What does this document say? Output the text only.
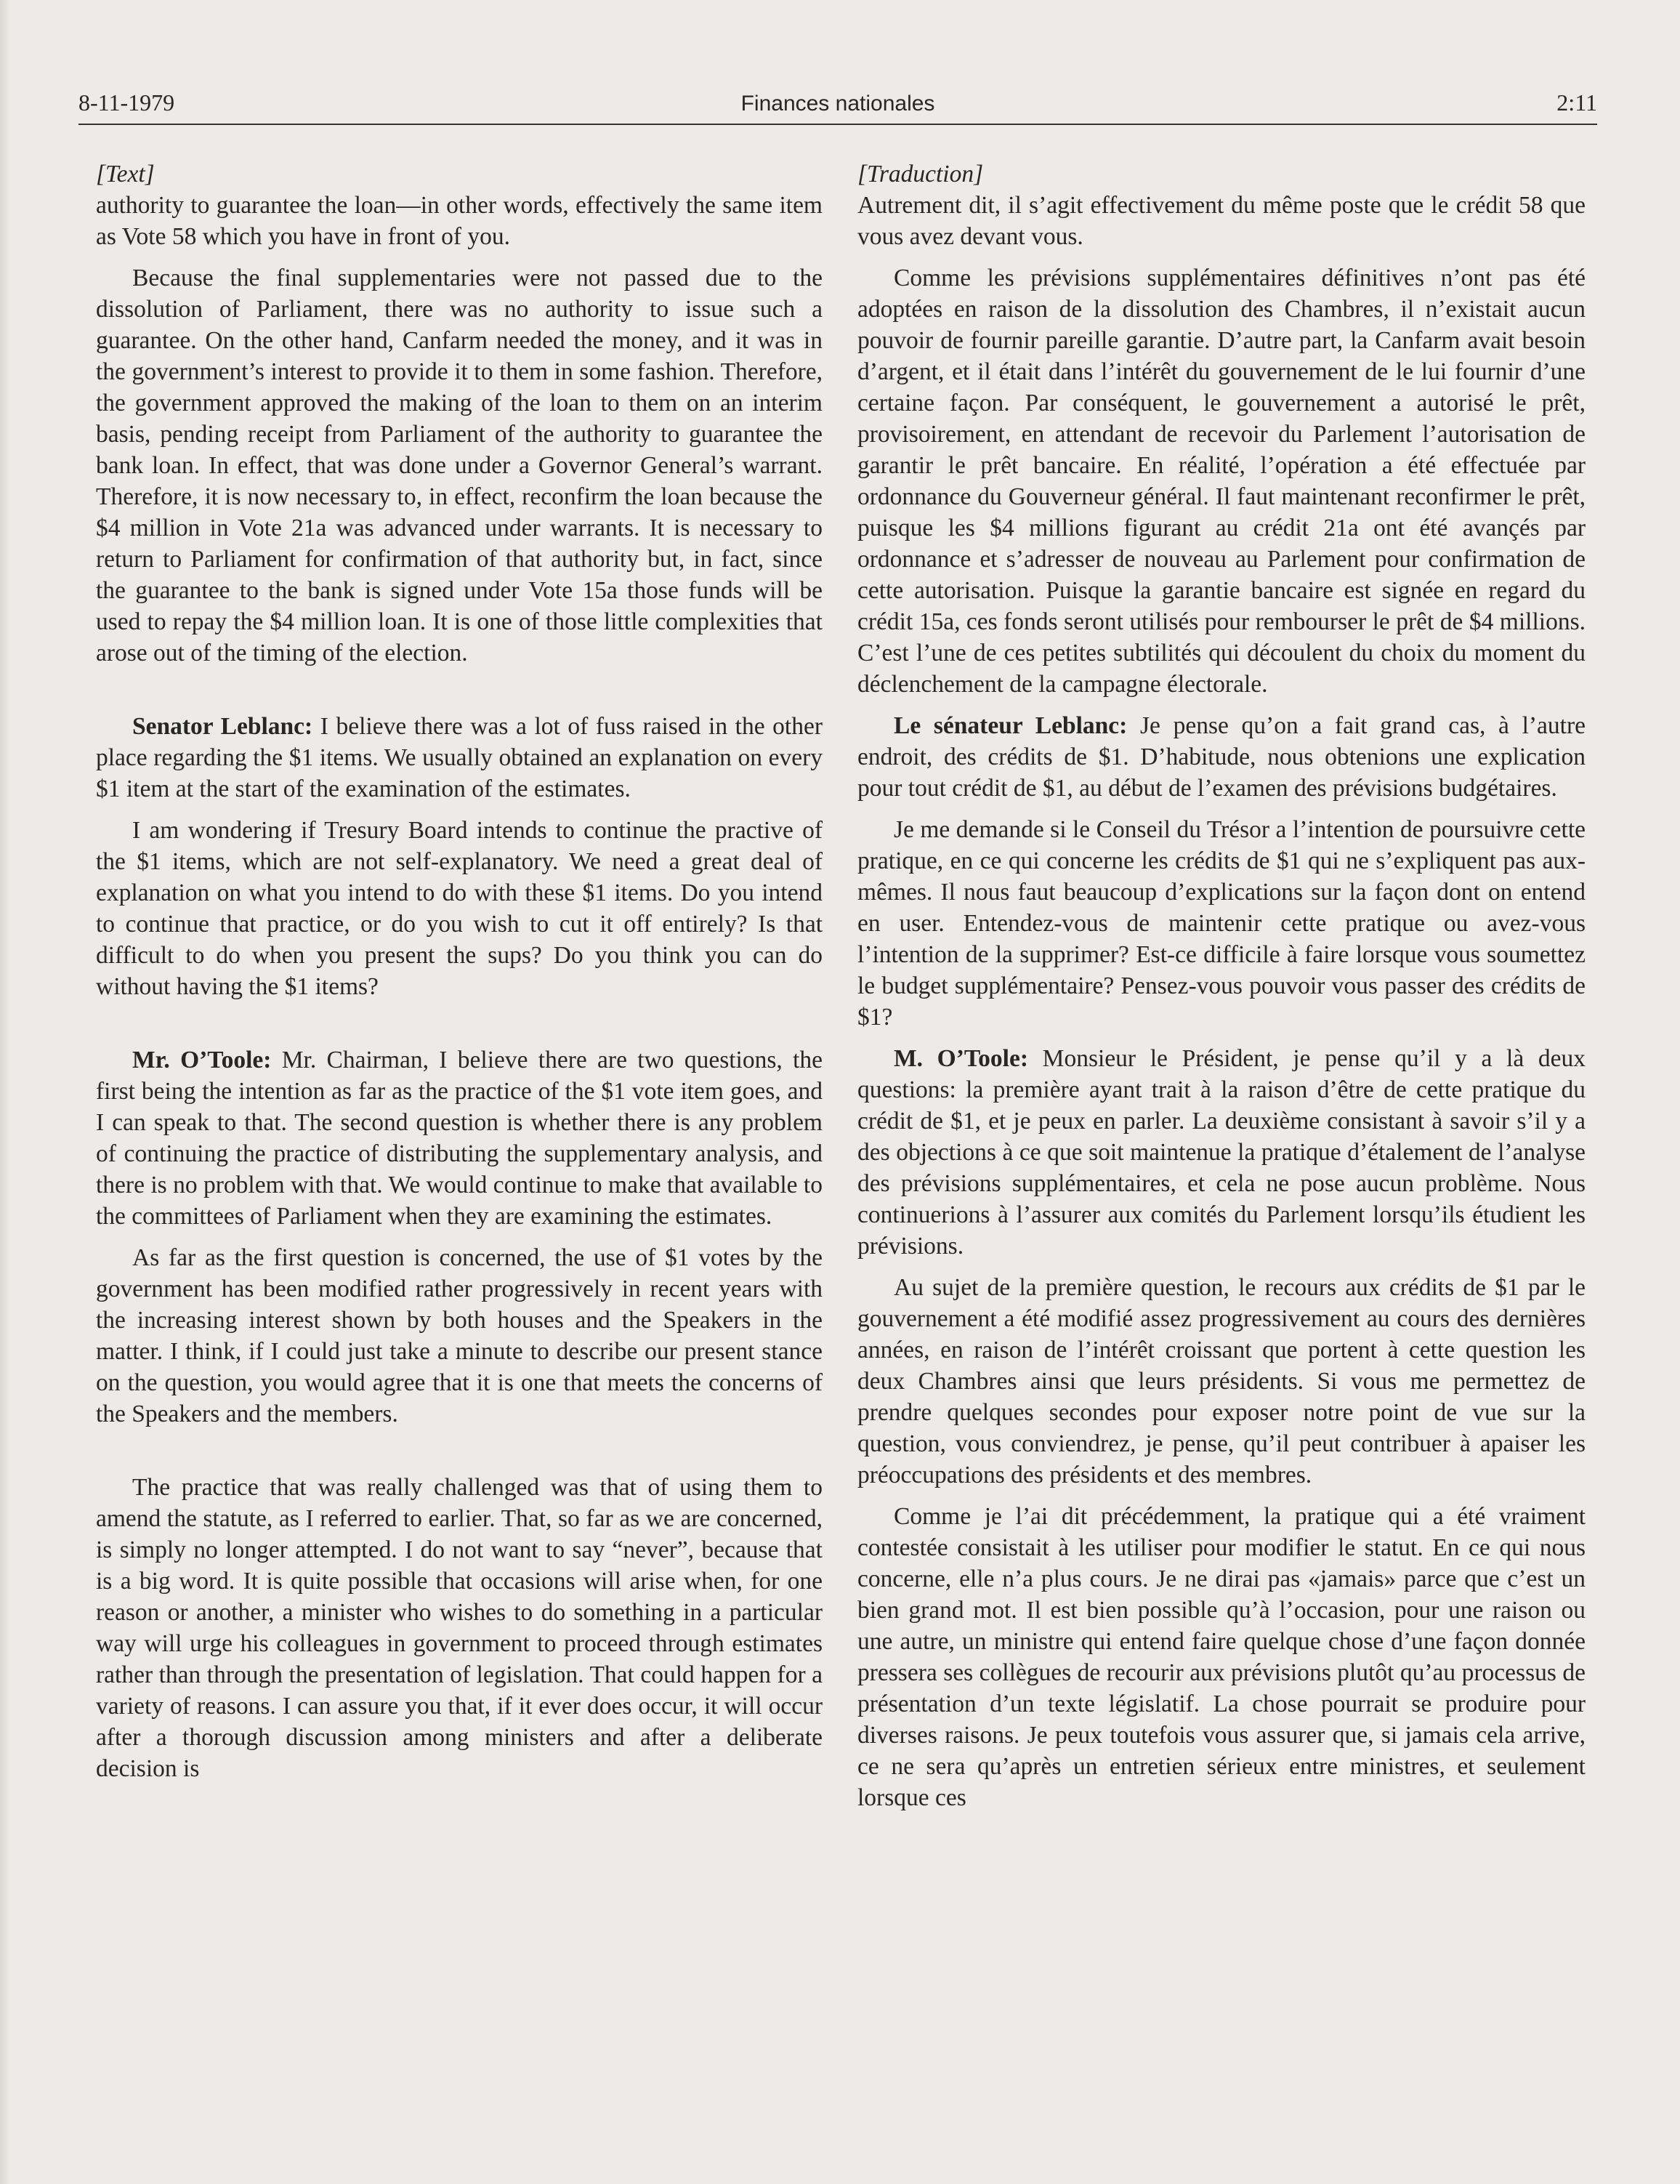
8-11-1979	Finances nationales	2:11
[Text]

authority to guarantee the loan—in other words, effectively the same item as Vote 58 which you have in front of you.

Because the final supplementaries were not passed due to the dissolution of Parliament, there was no authority to issue such a guarantee. On the other hand, Canfarm needed the money, and it was in the government’s interest to provide it to them in some fashion. Therefore, the government approved the making of the loan to them on an interim basis, pending receipt from Parliament of the authority to guarantee the bank loan. In effect, that was done under a Governor General’s warrant. Therefore, it is now necessary to, in effect, reconfirm the loan because the $4 million in Vote 21a was advanced under warrants. It is necessary to return to Parliament for confirmation of that authority but, in fact, since the guarantee to the bank is signed under Vote 15a those funds will be used to repay the $4 million loan. It is one of those little complexities that arose out of the timing of the election.

Senator Leblanc: I believe there was a lot of fuss raised in the other place regarding the $1 items. We usually obtained an explanation on every $1 item at the start of the examination of the estimates.

I am wondering if Tresury Board intends to continue the practive of the $1 items, which are not self-explanatory. We need a great deal of explanation on what you intend to do with these $1 items. Do you intend to continue that practice, or do you wish to cut it off entirely? Is that difficult to do when you present the sups? Do you think you can do without having the $1 items?

Mr. O’Toole: Mr. Chairman, I believe there are two questions, the first being the intention as far as the practice of the $1 vote item goes, and I can speak to that. The second question is whether there is any problem of continuing the practice of distributing the supplementary analysis, and there is no problem with that. We would continue to make that available to the committees of Parliament when they are examining the estimates.

As far as the first question is concerned, the use of $1 votes by the government has been modified rather progressively in recent years with the increasing interest shown by both houses and the Speakers in the matter. I think, if I could just take a minute to describe our present stance on the question, you would agree that it is one that meets the concerns of the Speakers and the members.

The practice that was really challenged was that of using them to amend the statute, as I referred to earlier. That, so far as we are concerned, is simply no longer attempted. I do not want to say “never”, because that is a big word. It is quite possible that occasions will arise when, for one reason or another, a minister who wishes to do something in a particular way will urge his colleagues in government to proceed through estimates rather than through the presentation of legislation. That could happen for a variety of reasons. I can assure you that, if it ever does occur, it will occur after a thorough discussion among ministers and after a deliberate decision is

[Traduction]

Autrement dit, il s’agit effectivement du même poste que le crédit 58 que vous avez devant vous.

Comme les prévisions supplémentaires définitives n’ont pas été adoptées en raison de la dissolution des Chambres, il n’existait aucun pouvoir de fournir pareille garantie. D’autre part, la Canfarm avait besoin d’argent, et il était dans l’intérêt du gouvernement de le lui fournir d’une certaine façon. Par conséquent, le gouvernement a autorisé le prêt, provisoirement, en attendant de recevoir du Parlement l’autorisation de garantir le prêt bancaire. En réalité, l’opération a été effectuée par ordonnance du Gouverneur général. Il faut maintenant reconfirmer le prêt, puisque les $4 millions figurant au crédit 21a ont été avançés par ordonnance et s’adresser de nouveau au Parlement pour confirmation de cette autorisation. Puisque la garantie bancaire est signée en regard du crédit 15a, ces fonds seront utilisés pour rembourser le prêt de $4 millions. C’est l’une de ces petites subtilités qui découlent du choix du moment du déclenchement de la campagne électorale.

Le sénateur Leblanc: Je pense qu’on a fait grand cas, à l’autre endroit, des crédits de $1. D’habitude, nous obtenions une explication pour tout crédit de $1, au début de l’examen des prévisions budgétaires.

Je me demande si le Conseil du Trésor a l’intention de poursuivre cette pratique, en ce qui concerne les crédits de $1 qui ne s’expliquent pas aux-mêmes. Il nous faut beaucoup d’explications sur la façon dont on entend en user. Entendez-vous de maintenir cette pratique ou avez-vous l’intention de la supprimer? Est-ce difficile à faire lorsque vous soumettez le budget supplémentaire? Pensez-vous pouvoir vous passer des crédits de $1?

M. O’Toole: Monsieur le Président, je pense qu’il y a là deux questions: la première ayant trait à la raison d’être de cette pratique du crédit de $1, et je peux en parler. La deuxième consistant à savoir s’il y a des objections à ce que soit maintenue la pratique d’étalement de l’analyse des prévisions supplémentaires, et cela ne pose aucun problème. Nous continuerions à l’assurer aux comités du Parlement lorsqu’ils étudient les prévisions.

Au sujet de la première question, le recours aux crédits de $1 par le gouvernement a été modifié assez progressivement au cours des dernières années, en raison de l’intérêt croissant que portent à cette question les deux Chambres ainsi que leurs présidents. Si vous me permettez de prendre quelques secondes pour exposer notre point de vue sur la question, vous conviendrez, je pense, qu’il peut contribuer à apaiser les préoccupations des présidents et des membres.

Comme je l’ai dit précédemment, la pratique qui a été vraiment contestée consistait à les utiliser pour modifier le statut. En ce qui nous concerne, elle n’a plus cours. Je ne dirai pas «jamais» parce que c’est un bien grand mot. Il est bien possible qu’à l’occasion, pour une raison ou une autre, un ministre qui entend faire quelque chose d’une façon donnée pressera ses collègues de recourir aux prévisions plutôt qu’au processus de présentation d’un texte législatif. La chose pourrait se produire pour diverses raisons. Je peux toutefois vous assurer que, si jamais cela arrive, ce ne sera qu’après un entretien sérieux entre ministres, et seulement lorsque ces
